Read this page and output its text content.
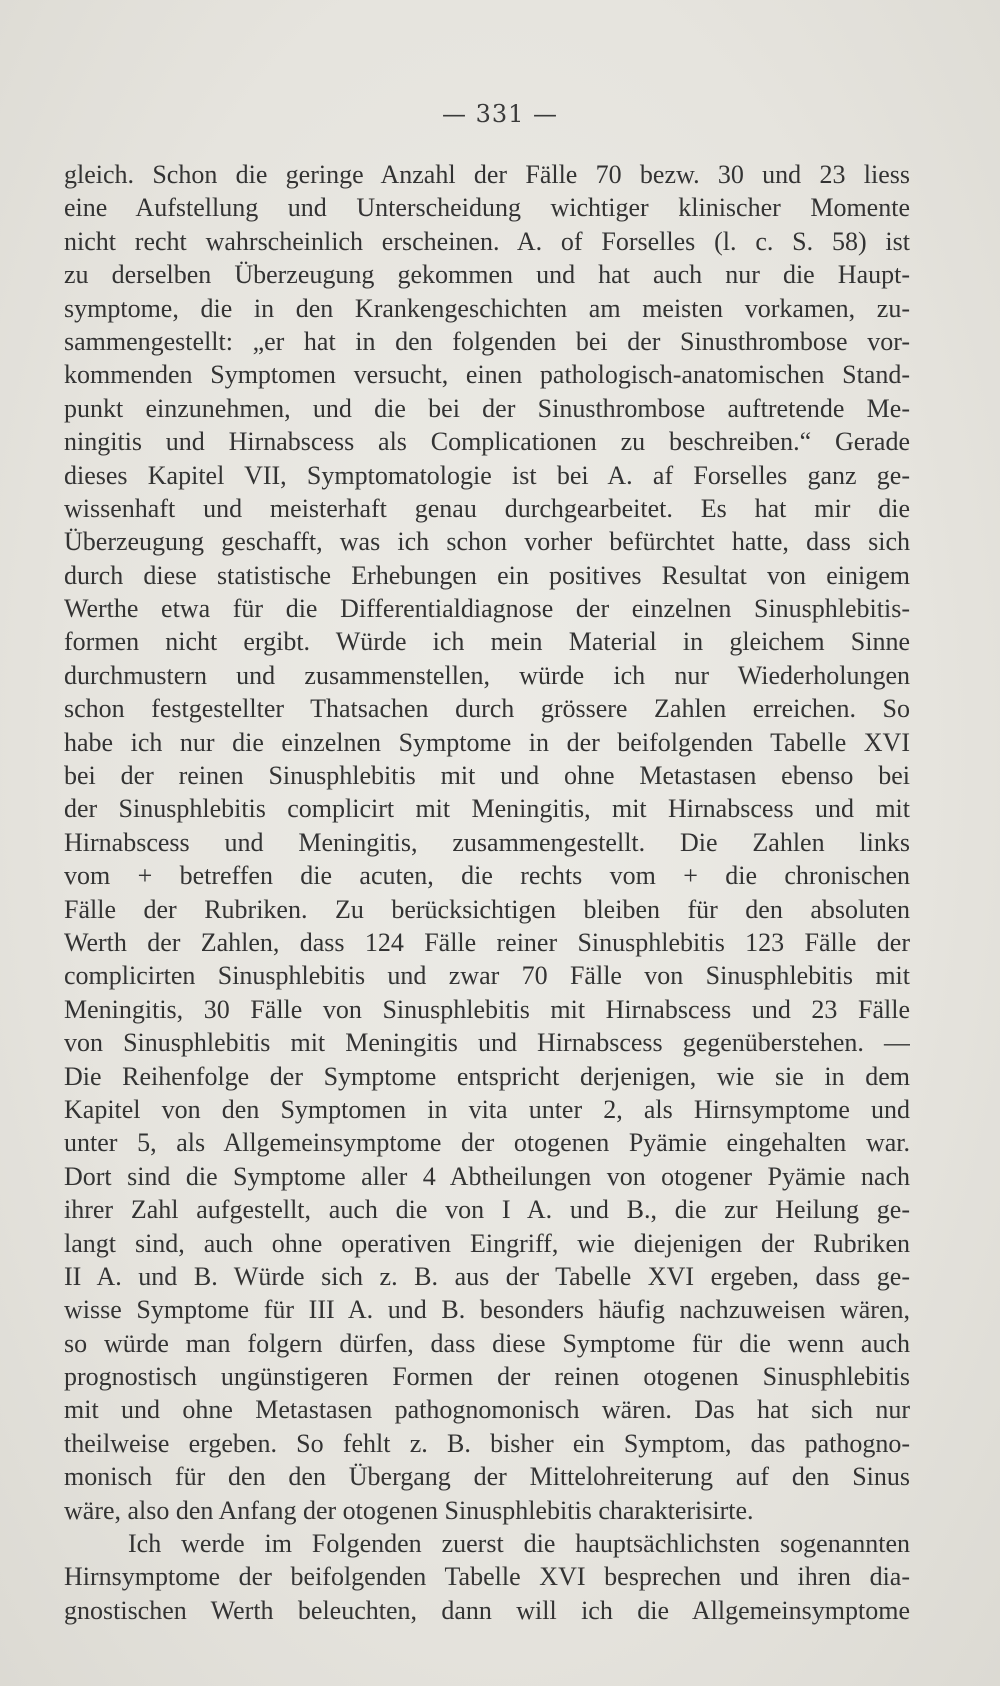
— 331 —
gleich. Schon die geringe Anzahl der Fälle 70 bezw. 30 und 23 liess
eine Aufstellung und Unterscheidung wichtiger klinischer Momente
nicht recht wahrscheinlich erscheinen. A. of Forselles (l. c. S. 58) ist
zu derselben Überzeugung gekommen und hat auch nur die Haupt-
symptome, die in den Krankengeschichten am meisten vorkamen, zu-
sammengestellt: „er hat in den folgenden bei der Sinusthrombose vor-
kommenden Symptomen versucht, einen pathologisch-anatomischen Stand-
punkt einzunehmen, und die bei der Sinusthrombose auftretende Me-
ningitis und Hirnabscess als Complicationen zu beschreiben.“ Gerade
dieses Kapitel VII, Symptomatologie ist bei A. af Forselles ganz ge-
wissenhaft und meisterhaft genau durchgearbeitet. Es hat mir die
Überzeugung geschafft, was ich schon vorher befürchtet hatte, dass sich
durch diese statistische Erhebungen ein positives Resultat von einigem
Werthe etwa für die Differentialdiagnose der einzelnen Sinusphlebitis-
formen nicht ergibt. Würde ich mein Material in gleichem Sinne
durchmustern und zusammenstellen, würde ich nur Wiederholungen
schon festgestellter Thatsachen durch grössere Zahlen erreichen. So
habe ich nur die einzelnen Symptome in der beifolgenden Tabelle XVI
bei der reinen Sinusphlebitis mit und ohne Metastasen ebenso bei
der Sinusphlebitis complicirt mit Meningitis, mit Hirnabscess und mit
Hirnabscess und Meningitis, zusammengestellt. Die Zahlen links
vom + betreffen die acuten, die rechts vom + die chronischen
Fälle der Rubriken. Zu berücksichtigen bleiben für den absoluten
Werth der Zahlen, dass 124 Fälle reiner Sinusphlebitis 123 Fälle der
complicirten Sinusphlebitis und zwar 70 Fälle von Sinusphlebitis mit
Meningitis, 30 Fälle von Sinusphlebitis mit Hirnabscess und 23 Fälle
von Sinusphlebitis mit Meningitis und Hirnabscess gegenüberstehen. —
Die Reihenfolge der Symptome entspricht derjenigen, wie sie in dem
Kapitel von den Symptomen in vita unter 2, als Hirnsymptome und
unter 5, als Allgemeinsymptome der otogenen Pyämie eingehalten war.
Dort sind die Symptome aller 4 Abtheilungen von otogener Pyämie nach
ihrer Zahl aufgestellt, auch die von I A. und B., die zur Heilung ge-
langt sind, auch ohne operativen Eingriff, wie diejenigen der Rubriken
II A. und B. Würde sich z. B. aus der Tabelle XVI ergeben, dass ge-
wisse Symptome für III A. und B. besonders häufig nachzuweisen wären,
so würde man folgern dürfen, dass diese Symptome für die wenn auch
prognostisch ungünstigeren Formen der reinen otogenen Sinusphlebitis
mit und ohne Metastasen pathognomonisch wären. Das hat sich nur
theilweise ergeben. So fehlt z. B. bisher ein Symptom, das pathogno-
monisch für den den Übergang der Mittelohreiterung auf den Sinus
wäre, also den Anfang der otogenen Sinusphlebitis charakterisirte.
Ich werde im Folgenden zuerst die hauptsächlichsten sogenannten
Hirnsymptome der beifolgenden Tabelle XVI besprechen und ihren dia-
gnostischen Werth beleuchten, dann will ich die Allgemeinsymptome
